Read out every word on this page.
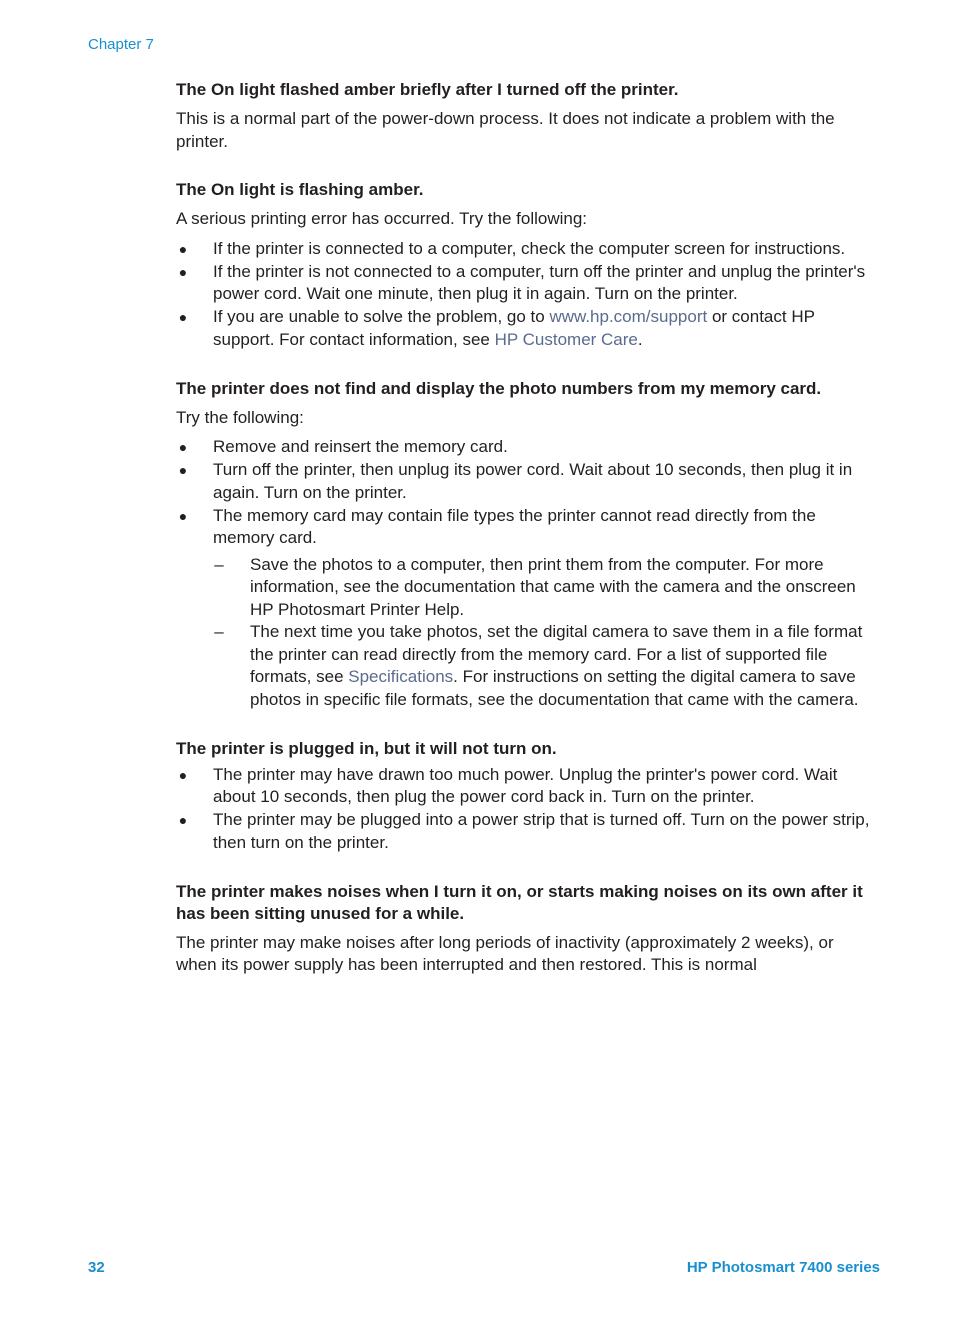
Chapter 7

The On light flashed amber briefly after I turned off the printer.

This is a normal part of the power-down process. It does not indicate a problem with the printer.

The On light is flashing amber.

A serious printing error has occurred. Try the following:

● If the printer is connected to a computer, check the computer screen for instructions.
● If the printer is not connected to a computer, turn off the printer and unplug the printer's power cord. Wait one minute, then plug it in again. Turn on the printer.
● If you are unable to solve the problem, go to www.hp.com/support or contact HP support. For contact information, see HP Customer Care.

The printer does not find and display the photo numbers from my memory card.

Try the following:

● Remove and reinsert the memory card.
● Turn off the printer, then unplug its power cord. Wait about 10 seconds, then plug it in again. Turn on the printer.
● The memory card may contain file types the printer cannot read directly from the memory card.
– Save the photos to a computer, then print them from the computer. For more information, see the documentation that came with the camera and the onscreen HP Photosmart Printer Help.
– The next time you take photos, set the digital camera to save them in a file format the printer can read directly from the memory card. For a list of supported file formats, see Specifications. For instructions on setting the digital camera to save photos in specific file formats, see the documentation that came with the camera.

The printer is plugged in, but it will not turn on.

● The printer may have drawn too much power. Unplug the printer's power cord. Wait about 10 seconds, then plug the power cord back in. Turn on the printer.
● The printer may be plugged into a power strip that is turned off. Turn on the power strip, then turn on the printer.

The printer makes noises when I turn it on, or starts making noises on its own after it has been sitting unused for a while.

The printer may make noises after long periods of inactivity (approximately 2 weeks), or when its power supply has been interrupted and then restored. This is normal

32	HP Photosmart 7400 series
